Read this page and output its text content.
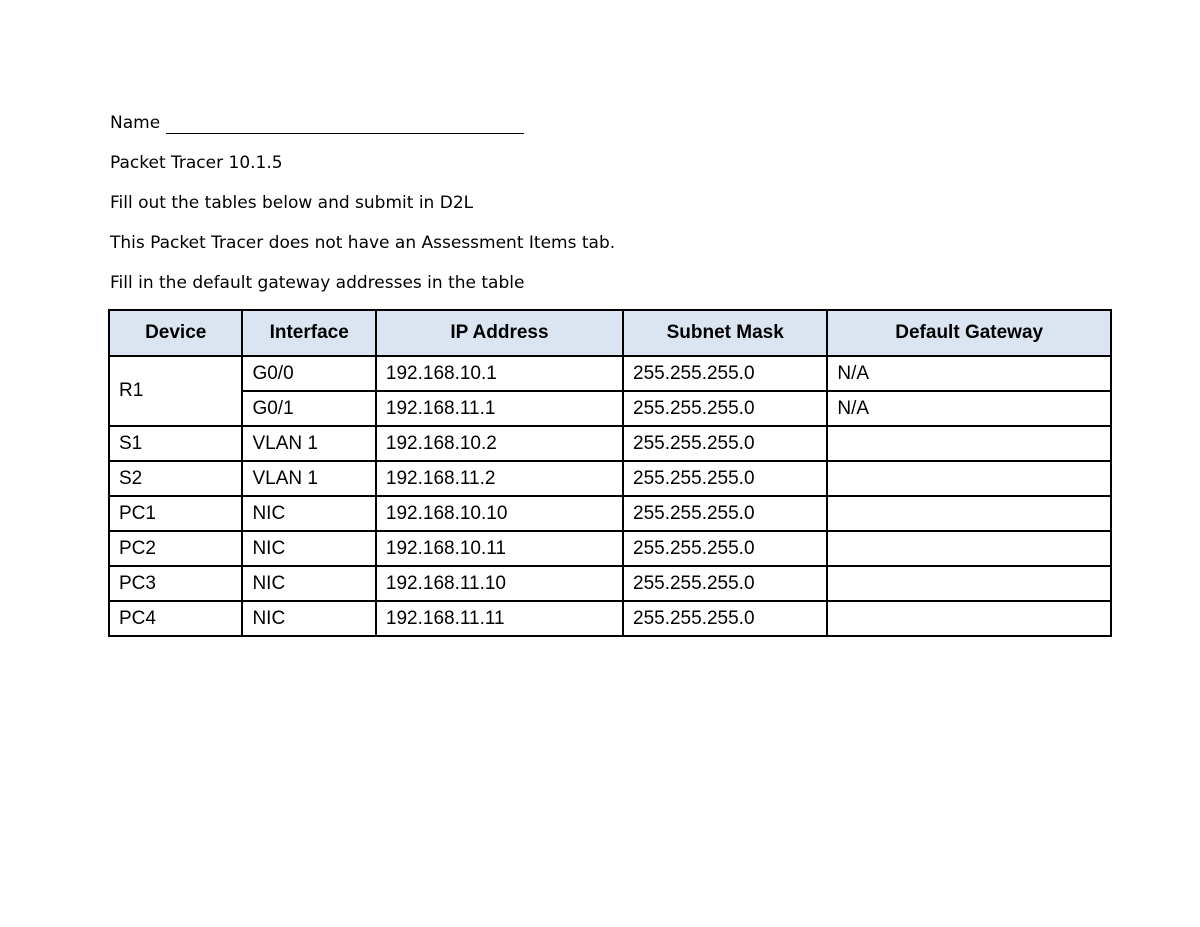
Name
Packet Tracer 10.1.5
Fill out the tables below and submit in D2L
This Packet Tracer does not have an Assessment Items tab.
Fill in the default gateway addresses in the table
Device	Interface	IP Address	Subnet Mask	Default Gateway
R1	G0/0	192.168.10.1	255.255.255.0	N/A
	G0/1	192.168.11.1	255.255.255.0	N/A
S1	VLAN 1	192.168.10.2	255.255.255.0	
S2	VLAN 1	192.168.11.2	255.255.255.0	
PC1	NIC	192.168.10.10	255.255.255.0	
PC2	NIC	192.168.10.11	255.255.255.0	
PC3	NIC	192.168.11.10	255.255.255.0	
PC4	NIC	192.168.11.11	255.255.255.0	
